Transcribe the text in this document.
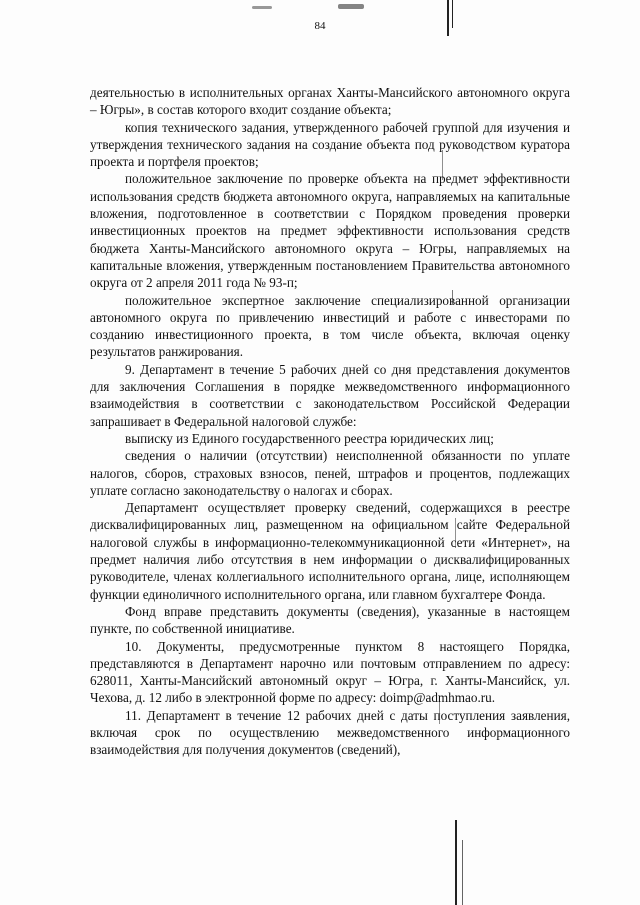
84

деятельностью в исполнительных органах Ханты-Мансийского автономного округа – Югры», в состав которого входит создание объекта;

копия технического задания, утвержденного рабочей группой для изучения и утверждения технического задания на создание объекта под руководством куратора проекта и портфеля проектов;

положительное заключение по проверке объекта на предмет эффективности использования средств бюджета автономного округа, направляемых на капитальные вложения, подготовленное в соответствии с Порядком проведения проверки инвестиционных проектов на предмет эффективности использования средств бюджета Ханты-Мансийского автономного округа – Югры, направляемых на капитальные вложения, утвержденным постановлением Правительства автономного округа от 2 апреля 2011 года № 93-п;

положительное экспертное заключение специализированной организации автономного округа по привлечению инвестиций и работе с инвесторами по созданию инвестиционного проекта, в том числе объекта, включая оценку результатов ранжирования.

9. Департамент в течение 5 рабочих дней со дня представления документов для заключения Соглашения в порядке межведомственного информационного взаимодействия в соответствии с законодательством Российской Федерации запрашивает в Федеральной налоговой службе:

выписку из Единого государственного реестра юридических лиц;

сведения о наличии (отсутствии) неисполненной обязанности по уплате налогов, сборов, страховых взносов, пеней, штрафов и процентов, подлежащих уплате согласно законодательству о налогах и сборах.

Департамент осуществляет проверку сведений, содержащихся в реестре дисквалифицированных лиц, размещенном на официальном сайте Федеральной налоговой службы в информационно-телекоммуникационной сети «Интернет», на предмет наличия либо отсутствия в нем информации о дисквалифицированных руководителе, членах коллегиального исполнительного органа, лице, исполняющем функции единоличного исполнительного органа, или главном бухгалтере Фонда.

Фонд вправе представить документы (сведения), указанные в настоящем пункте, по собственной инициативе.

10. Документы, предусмотренные пунктом 8 настоящего Порядка, представляются в Департамент нарочно или почтовым отправлением по адресу: 628011, Ханты-Мансийский автономный округ – Югра, г. Ханты-Мансийск, ул. Чехова, д. 12 либо в электронной форме по адресу: doimp@admhmao.ru.

11. Департамент в течение 12 рабочих дней с даты поступления заявления, включая срок по осуществлению межведомственного информационного взаимодействия для получения документов (сведений),
